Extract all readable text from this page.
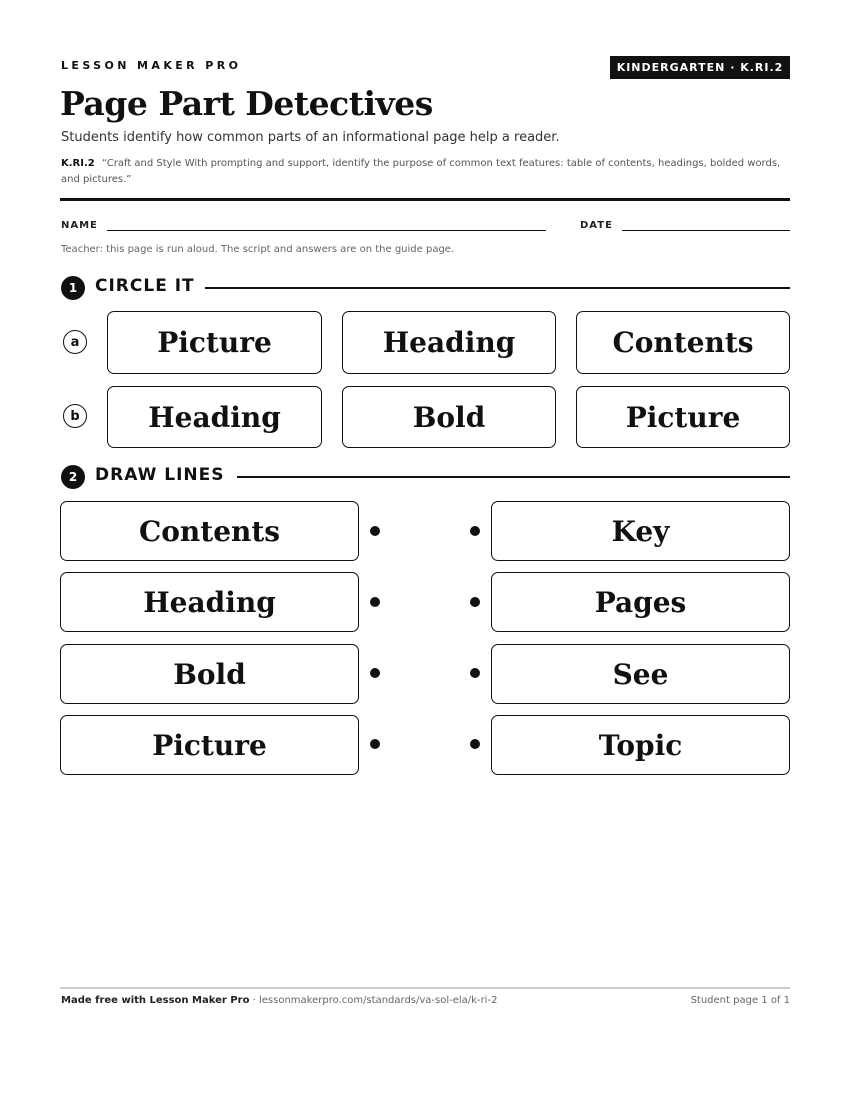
LESSON MAKER PRO	KINDERGARTEN · K.RI.2
Page Part Detectives
Students identify how common parts of an informational page help a reader.
K.RI.2 “Craft and Style With prompting and support, identify the purpose of common text features: table of contents, headings, bolded words, and pictures.”
NAME	DATE
Teacher: this page is run aloud. The script and answers are on the guide page.
1	CIRCLE IT
a	Picture	Heading	Contents
b	Heading	Bold	Picture
2	DRAW LINES
Contents
Heading
Bold
Picture
Key
Pages
See
Topic
Made free with Lesson Maker Pro · lessonmakerpro.com/standards/va-sol-ela/k-ri-2	Student page 1 of 1
